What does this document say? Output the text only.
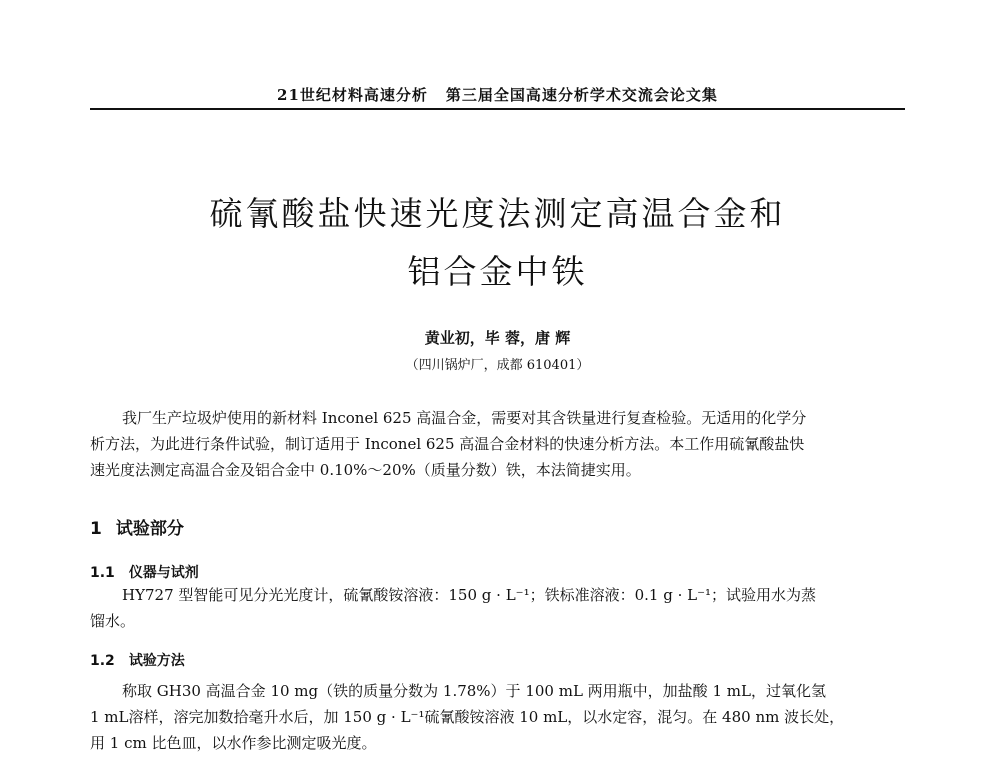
21世纪材料高速分析 第三届全国高速分析学术交流会论文集
硫氰酸盐快速光度法测定高温合金和
铝合金中铁
黄业初，毕 蓉，唐 辉
（四川锅炉厂，成都 610401）

我厂生产垃圾炉使用的新材料 Inconel 625 高温合金，需要对其含铁量进行复查检验。无适用的化学分
析方法，为此进行条件试验，制订适用于 Inconel 625 高温合金材料的快速分析方法。本工作用硫氰酸盐快
速光度法测定高温合金及铝合金中 0.10%～20%（质量分数）铁，本法简捷实用。

1 试验部分
1.1 仪器与试剂

HY727 型智能可见分光光度计，硫氰酸铵溶液：150 g · L⁻¹；铁标准溶液：0.1 g · L⁻¹；试验用水为蒸
馏水。

1.2 试验方法

称取 GH30 高温合金 10 mg（铁的质量分数为 1.78%）于 100 mL 两用瓶中，加盐酸 1 mL，过氧化氢
1 mL溶样，溶完加数拾毫升水后，加 150 g · L⁻¹硫氰酸铵溶液 10 mL，以水定容，混匀。在 480 nm 波长处，
用 1 cm 比色皿，以水作参比测定吸光度。
